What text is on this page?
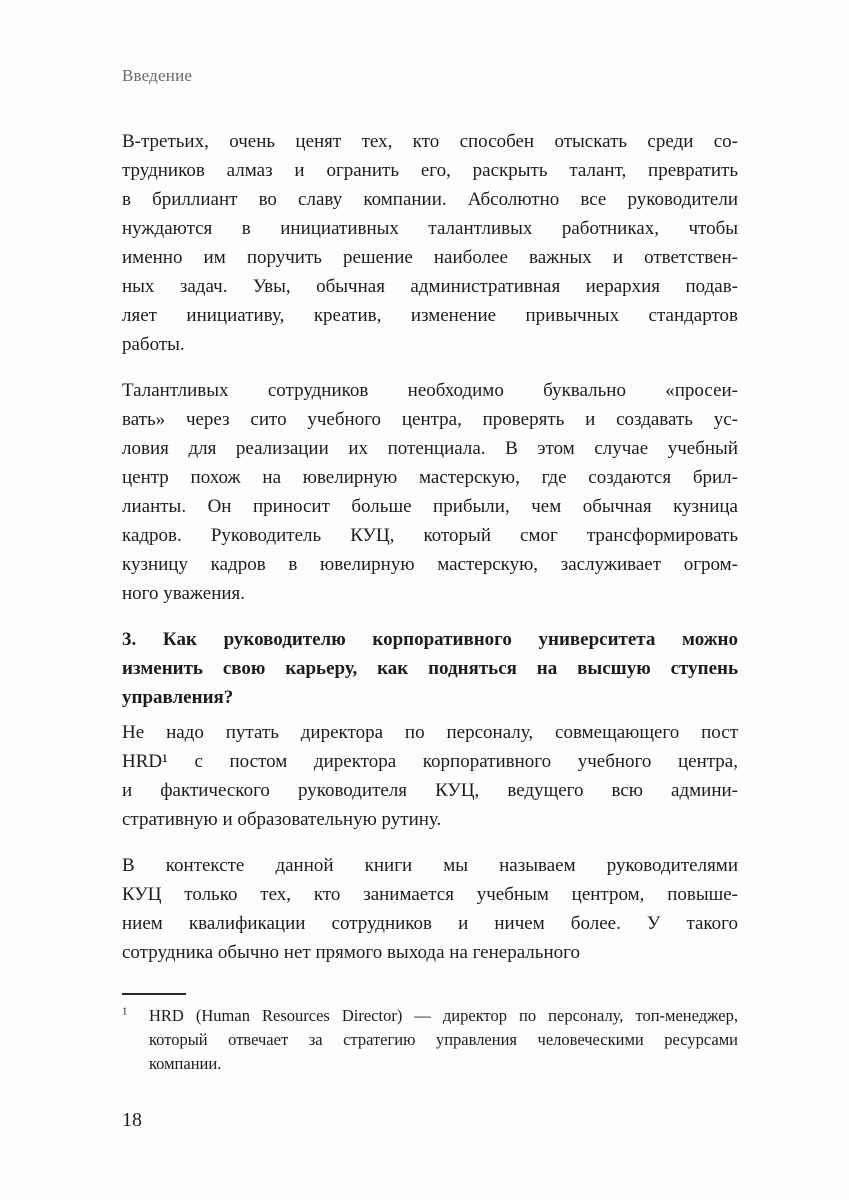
Введение
В-третьих, очень ценят тех, кто способен отыскать среди со-
трудников алмаз и огранить его, раскрыть талант, превратить
в бриллиант во славу компании. Абсолютно все руководители
нуждаются в инициативных талантливых работниках, чтобы
именно им поручить решение наиболее важных и ответствен-
ных задач. Увы, обычная административная иерархия подав-
ляет инициативу, креатив, изменение привычных стандартов
работы.
Талантливых сотрудников необходимо буквально «просеи-
вать» через сито учебного центра, проверять и создавать ус-
ловия для реализации их потенциала. В этом случае учебный
центр похож на ювелирную мастерскую, где создаются брил-
лианты. Он приносит больше прибыли, чем обычная кузница
кадров. Руководитель КУЦ, который смог трансформировать
кузницу кадров в ювелирную мастерскую, заслуживает огром-
ного уважения.
3. Как руководителю корпоративного университета можно
изменить свою карьеру, как подняться на высшую ступень
управления?
Не надо путать директора по персоналу, совмещающего пост
HRD¹ с постом директора корпоративного учебного центра,
и фактического руководителя КУЦ, ведущего всю админи-
стративную и образовательную рутину.
В контексте данной книги мы называем руководителями
КУЦ только тех, кто занимается учебным центром, повыше-
нием квалификации сотрудников и ничем более. У такого
сотрудника обычно нет прямого выхода на генерального
$^1$	HRD (Human Resources Director) — директор по персоналу, топ-менеджер,
который отвечает за стратегию управления человеческими ресурсами
компании.
18
